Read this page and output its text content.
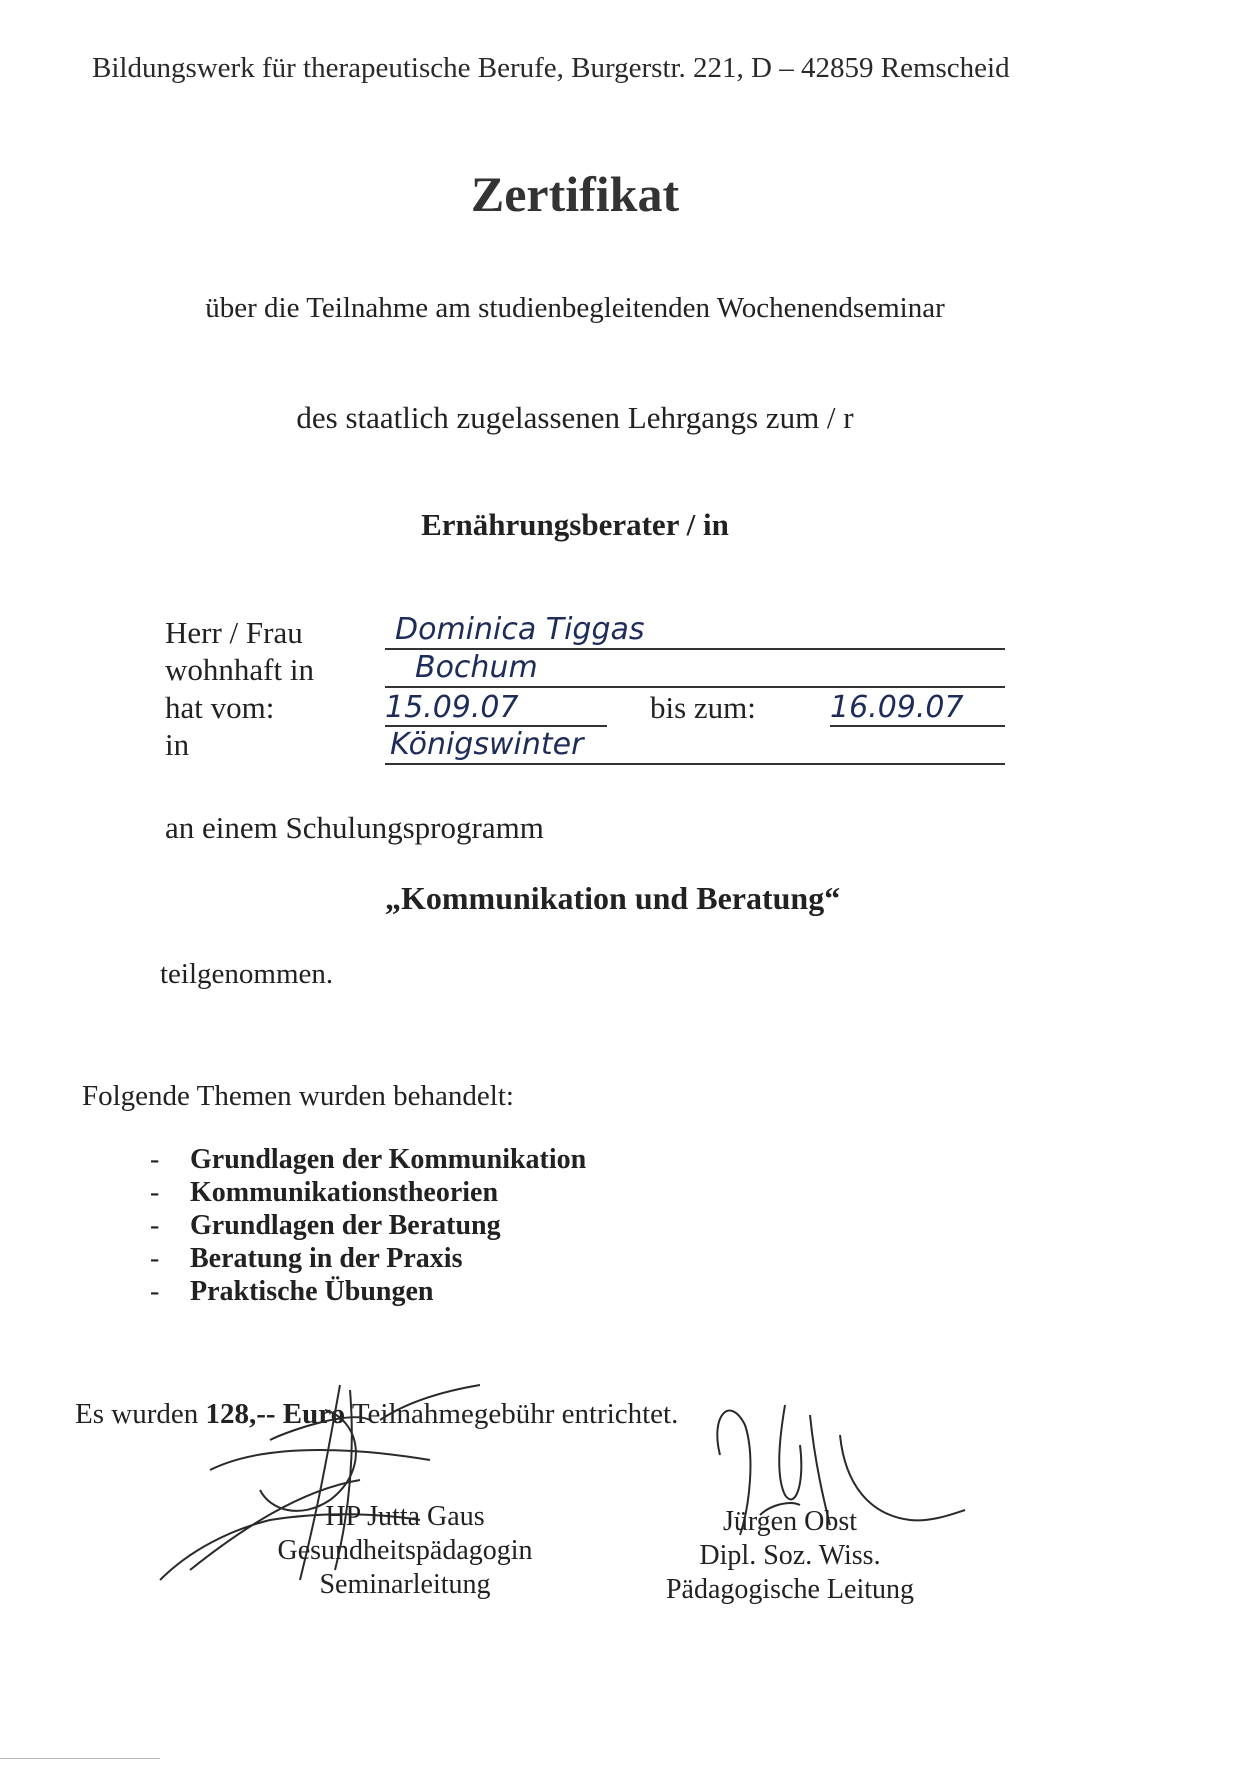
Bildungswerk für therapeutische Berufe, Burgerstr. 221, D – 42859 Remscheid
Zertifikat
über die Teilnahme am studienbegleitenden Wochenendseminar
des staatlich zugelassenen Lehrgangs zum / r
Ernährungsberater / in
Herr / Frau	Dominica Tiggas
wohnhaft in	Bochum
hat vom:	15.09.07	bis zum: 16.09.07
in	Königswinter
an einem Schulungsprogramm
„Kommunikation und Beratung“
teilgenommen.
Folgende Themen wurden behandelt:
- Grundlagen der Kommunikation
- Kommunikationstheorien
- Grundlagen der Beratung
- Beratung in der Praxis
- Praktische Übungen
Es wurden 128,-- Euro Teilnahmegebühr entrichtet.
HP Jutta Gaus
Gesundheitspädagogin
Seminarleitung
Jürgen Obst
Dipl. Soz. Wiss.
Pädagogische Leitung
